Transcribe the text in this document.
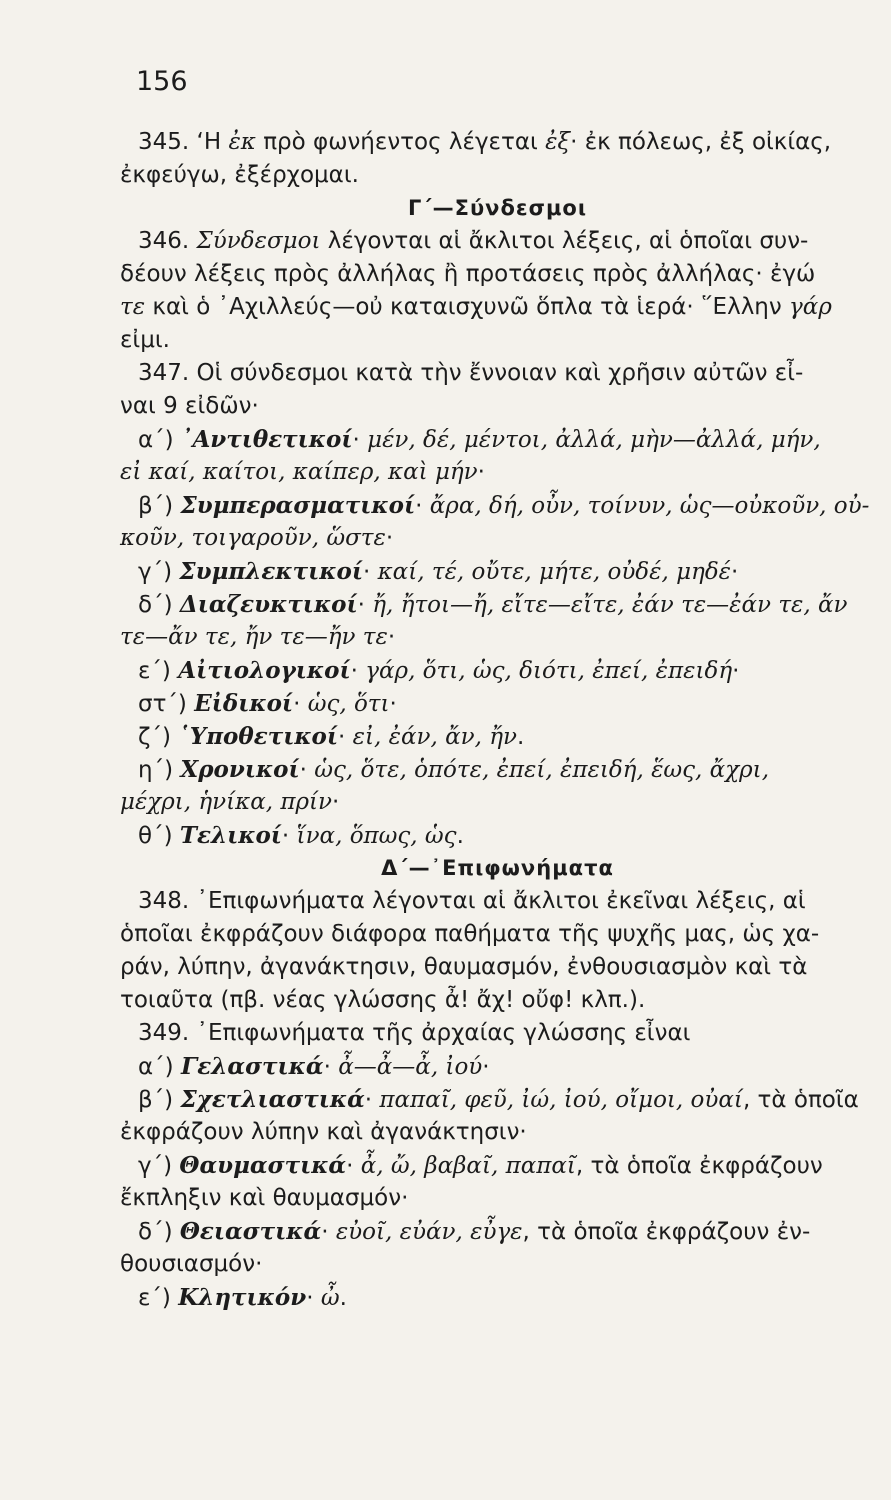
156
345. ‘Η ἐκ πρὸ φωνήεντος λέγεται ἐξ· ἐκ πόλεως, ἐξ οἰκίας,
ἐκφεύγω, ἐξέρχομαι.
Γ΄—Σύνδεσμοι
346. Σύνδεσμοι λέγονται αἱ ἄκλιτοι λέξεις, αἱ ὁποῖαι συν-
δέουν λέξεις πρὸς ἀλλήλας ἢ προτάσεις πρὸς ἀλλήλας· ἐγώ
τε καὶ ὁ ᾿Αχιλλεύς—οὐ καταισχυνῶ ὅπλα τὰ ἱερά· ῞Ελλην γάρ
εἰμι.
347. Οἱ σύνδεσμοι κατὰ τὴν ἔννοιαν καὶ χρῆσιν αὐτῶν εἶ-
ναι 9 εἰδῶν·
α΄) ᾿Αντιθετικοί· μέν, δέ, μέντοι, ἀλλά, μὴν—ἀλλά, μήν,
εἰ καί, καίτοι, καίπερ, καὶ μήν·
β΄) Συμπερασματικοί· ἄρα, δή, οὖν, τοίνυν, ὡς—οὐκοῦν, οὐ-
κοῦν, τοιγαροῦν, ὥστε·
γ΄) Συμπλεκτικοί· καί, τέ, οὔτε, μήτε, οὐδέ, μηδέ·
δ΄) Διαζευκτικοί· ἤ, ἤτοι—ἤ, εἴτε—εἴτε, ἐάν τε—ἐάν τε, ἄν
τε—ἄν τε, ἤν τε—ἤν τε·
ε΄) Αἰτιολογικοί· γάρ, ὅτι, ὡς, διότι, ἐπεί, ἐπειδή·
στ΄) Εἰδικοί· ὡς, ὅτι·
ζ΄) ῾Υποθετικοί· εἰ, ἐάν, ἄν, ἤν.
η΄) Χρονικοί· ὡς, ὅτε, ὁπότε, ἐπεί, ἐπειδή, ἕως, ἄχρι,
μέχρι, ἡνίκα, πρίν·
θ΄) Τελικοί· ἵνα, ὅπως, ὡς.
Δ΄—᾿Επιφωνήματα
348. ᾿Επιφωνήματα λέγονται αἱ ἄκλιτοι ἐκεῖναι λέξεις, αἱ
ὁποῖαι ἐκφράζουν διάφορα παθήματα τῆς ψυχῆς μας, ὡς χα-
ράν, λύπην, ἀγανάκτησιν, θαυμασμόν, ἐνθουσιασμὸν καὶ τὰ
τοιαῦτα (πβ. νέας γλώσσης ἆ! ἄχ! οὔφ! κλπ.).
349. ᾿Επιφωνήματα τῆς ἀρχαίας γλώσσης εἶναι
α΄) Γελαστικά· ἆ—ἆ—ἆ, ἰού·
β΄) Σχετλιαστικά· παπαῖ, φεῦ, ἰώ, ἰού, οἴμοι, οὐαί, τὰ ὁποῖα
ἐκφράζουν λύπην καὶ ἀγανάκτησιν·
γ΄) Θαυμαστικά· ἆ, ὤ, βαβαῖ, παπαῖ, τὰ ὁποῖα ἐκφράζουν
ἔκπληξιν καὶ θαυμασμόν·
δ΄) Θειαστικά· εὐοῖ, εὐάν, εὖγε, τὰ ὁποῖα ἐκφράζουν ἐν-
θουσιασμόν·
ε΄) Κλητικόν· ὦ.
